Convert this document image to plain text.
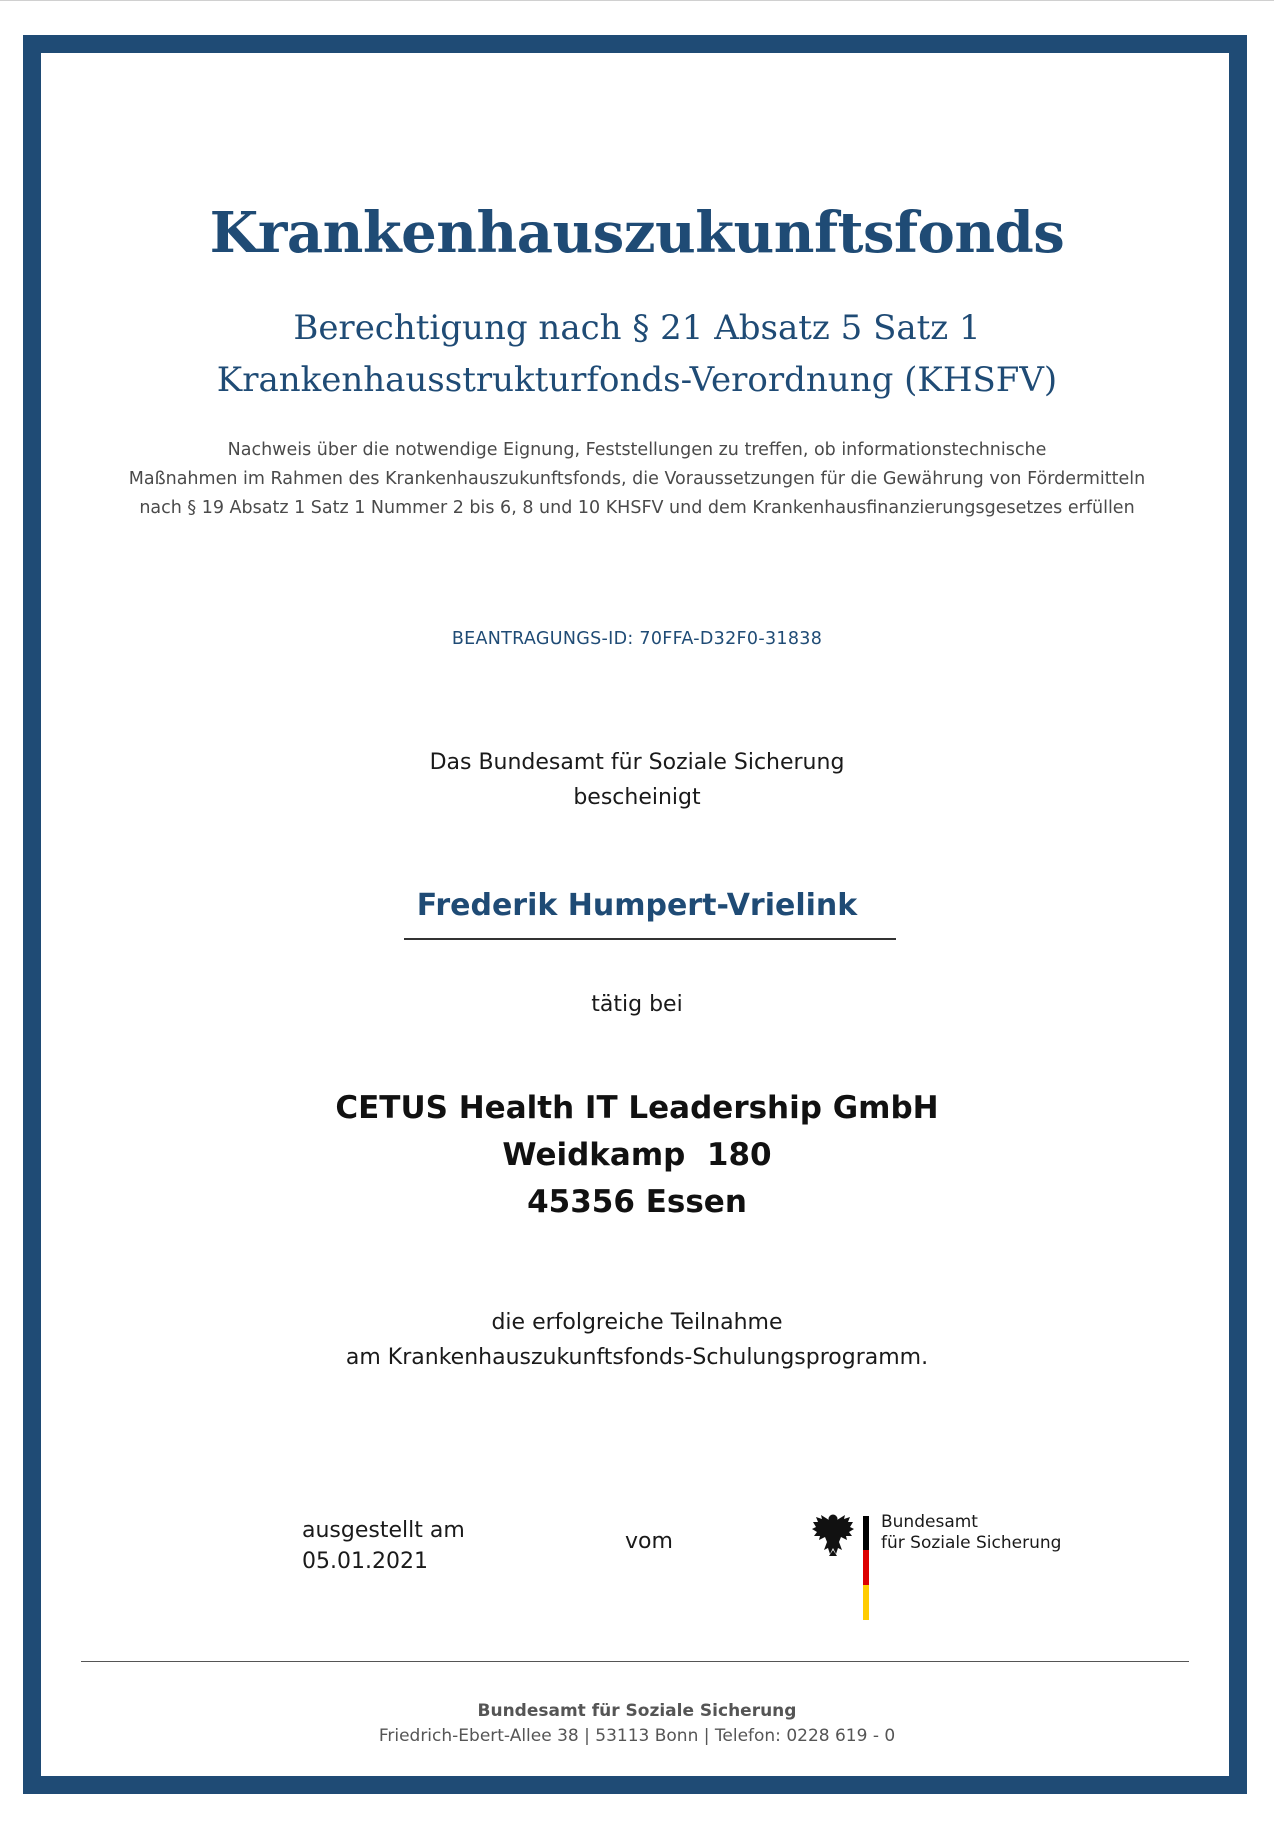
Krankenhauszukunftsfonds
Berechtigung nach § 21 Absatz 5 Satz 1
Krankenhausstrukturfonds-Verordnung (KHSFV)
Nachweis über die notwendige Eignung, Feststellungen zu treffen, ob informationstechnische
Maßnahmen im Rahmen des Krankenhauszukunftsfonds, die Voraussetzungen für die Gewährung von Fördermitteln
nach § 19 Absatz 1 Satz 1 Nummer 2 bis 6, 8 und 10 KHSFV und dem Krankenhausfinanzierungsgesetzes erfüllen
BEANTRAGUNGS-ID: 70FFA-D32F0-31838
Das Bundesamt für Soziale Sicherung
bescheinigt
Frederik Humpert-Vrielink
tätig bei
CETUS Health IT Leadership GmbH
Weidkamp  180
45356 Essen
die erfolgreiche Teilnahme
am Krankenhauszukunftsfonds-Schulungsprogramm.
ausgestellt am
05.01.2021
vom
Bundesamt
für Soziale Sicherung
Bundesamt für Soziale Sicherung
Friedrich-Ebert-Allee 38 | 53113 Bonn | Telefon: 0228 619 - 0
